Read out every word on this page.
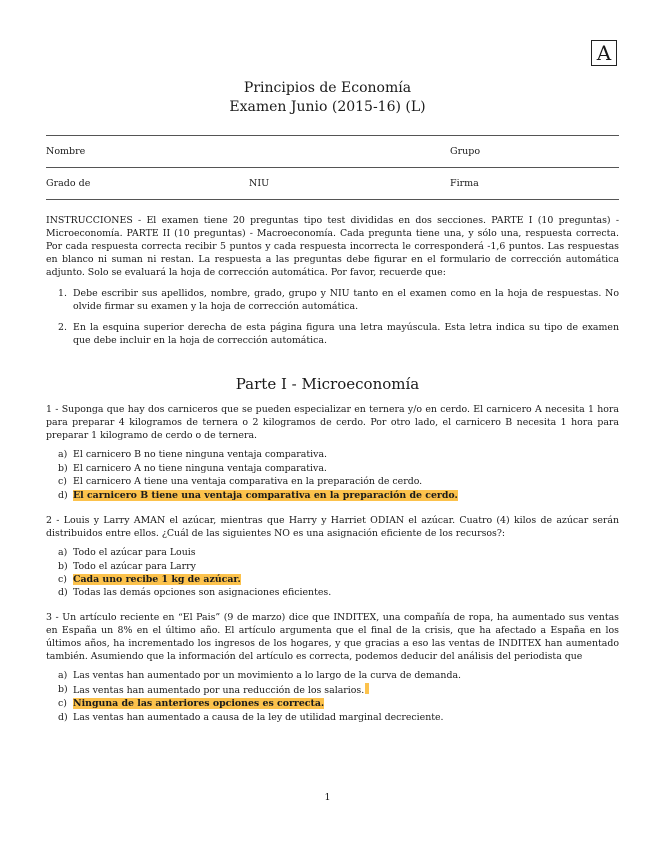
A
Principios de Economía
Examen Junio (2015-16) (L)
Nombre	Grupo
Grado de	NIU	Firma
INSTRUCCIONES - El examen tiene 20 preguntas tipo test divididas en dos secciones. PARTE I (10 preguntas) - Microeconomía. PARTE II (10 preguntas) - Macroeconomía. Cada pregunta tiene una, y sólo una, respuesta correcta. Por cada respuesta correcta recibir 5 puntos y cada respuesta incorrecta le corresponderá -1,6 puntos. Las respuestas en blanco ni suman ni restan. La respuesta a las preguntas debe figurar en el formulario de corrección automática adjunto. Solo se evaluará la hoja de corrección automática. Por favor, recuerde que:
1. Debe escribir sus apellidos, nombre, grado, grupo y NIU tanto en el examen como en la hoja de respuestas. No olvide firmar su examen y la hoja de corrección automática.
2. En la esquina superior derecha de esta página figura una letra mayúscula. Esta letra indica su tipo de examen que debe incluir en la hoja de corrección automática.
Parte I - Microeconomía

1 - Suponga que hay dos carniceros que se pueden especializar en ternera y/o en cerdo. El carnicero A necesita 1 hora para preparar 4 kilogramos de ternera o 2 kilogramos de cerdo. Por otro lado, el carnicero B necesita 1 hora para preparar 1 kilogramo de cerdo o de ternera.

a) El carnicero B no tiene ninguna ventaja comparativa.
b) El carnicero A no tiene ninguna ventaja comparativa.
c) El carnicero A tiene una ventaja comparativa en la preparación de cerdo.
d) El carnicero B tiene una ventaja comparativa en la preparación de cerdo.

2 - Louis y Larry AMAN el azúcar, mientras que Harry y Harriet ODIAN el azúcar. Cuatro (4) kilos de azúcar serán distribuidos entre ellos. ¿Cuál de las siguientes NO es una asignación eficiente de los recursos?:

a) Todo el azúcar para Louis
b) Todo el azúcar para Larry
c) Cada uno recibe 1 kg de azúcar.
d) Todas las demás opciones son asignaciones eficientes.

3 - Un artículo reciente en “El Pais” (9 de marzo) dice que INDITEX, una compañía de ropa, ha aumentado sus ventas en España un 8% en el último año. El artículo argumenta que el final de la crisis, que ha afectado a España en los últimos años, ha incrementado los ingresos de los hogares, y que gracias a eso las ventas de INDITEX han aumentado también. Asumiendo que la información del artículo es correcta, podemos deducir del análisis del periodista que

a) Las ventas han aumentado por un movimiento a lo largo de la curva de demanda.
b) Las ventas han aumentado por una reducción de los salarios.
c) Ninguna de las anteriores opciones es correcta.
d) Las ventas han aumentado a causa de la ley de utilidad marginal decreciente.
1
